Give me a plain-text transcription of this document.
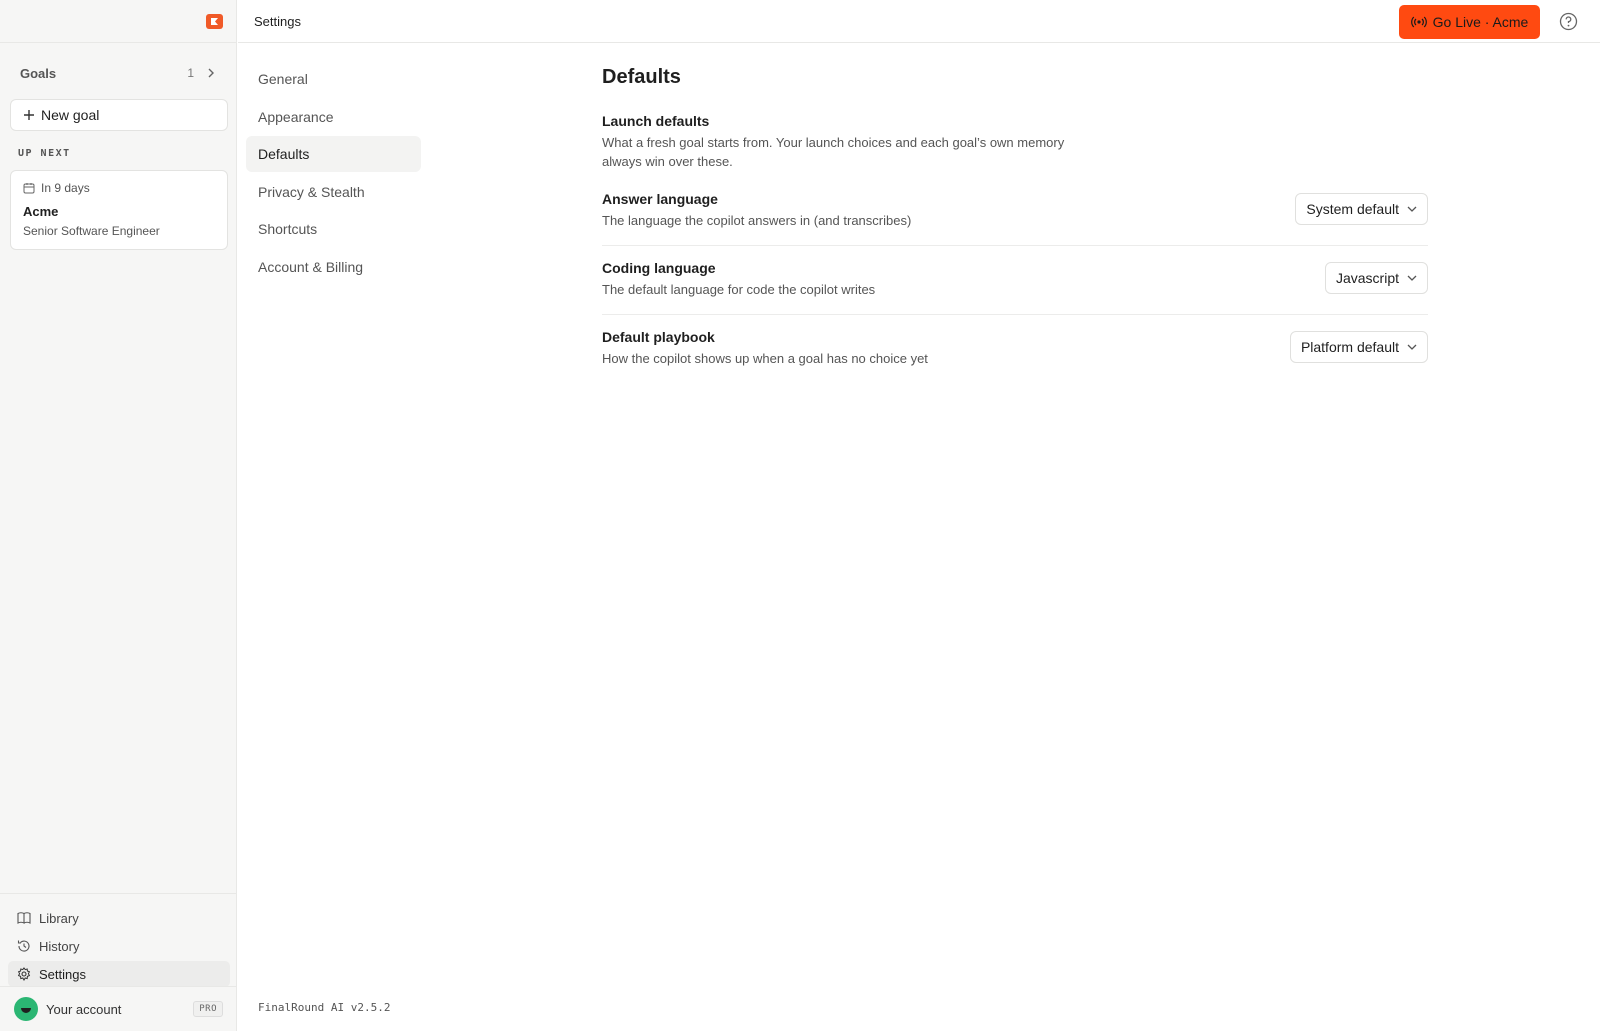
Goals	1
New goal
UP NEXT
In 9 days
Acme
Senior Software Engineer
Library
History
Settings
Your account	PRO
Settings	Go Live · Acme
General
Appearance
Defaults
Privacy & Stealth
Shortcuts
Account & Billing
FinalRound AI v2.5.2
Defaults
Launch defaults
What a fresh goal starts from. Your launch choices and each goal’s own memory always win over these.
Answer language
The language the copilot answers in (and transcribes)
System default
Coding language
The default language for code the copilot writes
Javascript
Default playbook
How the copilot shows up when a goal has no choice yet
Platform default
